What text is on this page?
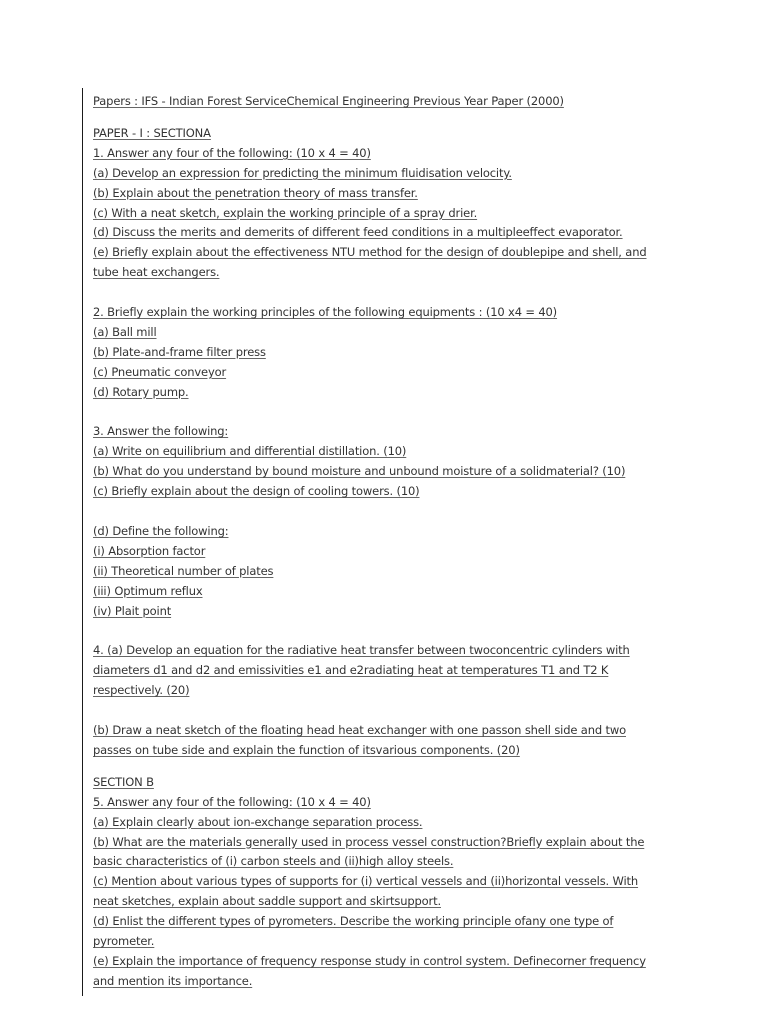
Papers : IFS - Indian Forest ServiceChemical Engineering Previous Year Paper (2000)
PAPER - I : SECTIONA
1. Answer any four of the following: (10 x 4 = 40)
(a) Develop an expression for predicting the minimum fluidisation velocity.
(b) Explain about the penetration theory of mass transfer.
(c) With a neat sketch, explain the working principle of a spray drier.
(d) Discuss the merits and demerits of different feed conditions in a multipleeffect evaporator.
(e) Briefly explain about the effectiveness NTU method for the design of doublepipe and shell, and
tube heat exchangers.
2. Briefly explain the working principles of the following equipments : (10 x4 = 40)
(a) Ball mill
(b) Plate-and-frame filter press
(c) Pneumatic conveyor
(d) Rotary pump.
3. Answer the following:
(a) Write on equilibrium and differential distillation. (10)
(b) What do you understand by bound moisture and unbound moisture of a solidmaterial? (10)
(c) Briefly explain about the design of cooling towers. (10)
(d) Define the following:
(i) Absorption factor
(ii) Theoretical number of plates
(iii) Optimum reflux
(iv) Plait point
4. (a) Develop an equation for the radiative heat transfer between twoconcentric cylinders with
diameters d1 and d2 and emissivities e1 and e2radiating heat at temperatures T1 and T2 K
respectively. (20)
(b) Draw a neat sketch of the floating head heat exchanger with one passon shell side and two
passes on tube side and explain the function of itsvarious components. (20)
SECTION B
5. Answer any four of the following: (10 x 4 = 40)
(a) Explain clearly about ion-exchange separation process.
(b) What are the materials generally used in process vessel construction?Briefly explain about the
basic characteristics of (i) carbon steels and (ii)high alloy steels.
(c) Mention about various types of supports for (i) vertical vessels and (ii)horizontal vessels. With
neat sketches, explain about saddle support and skirtsupport.
(d) Enlist the different types of pyrometers. Describe the working principle ofany one type of
pyrometer.
(e) Explain the importance of frequency response study in control system. Definecorner frequency
and mention its importance.
